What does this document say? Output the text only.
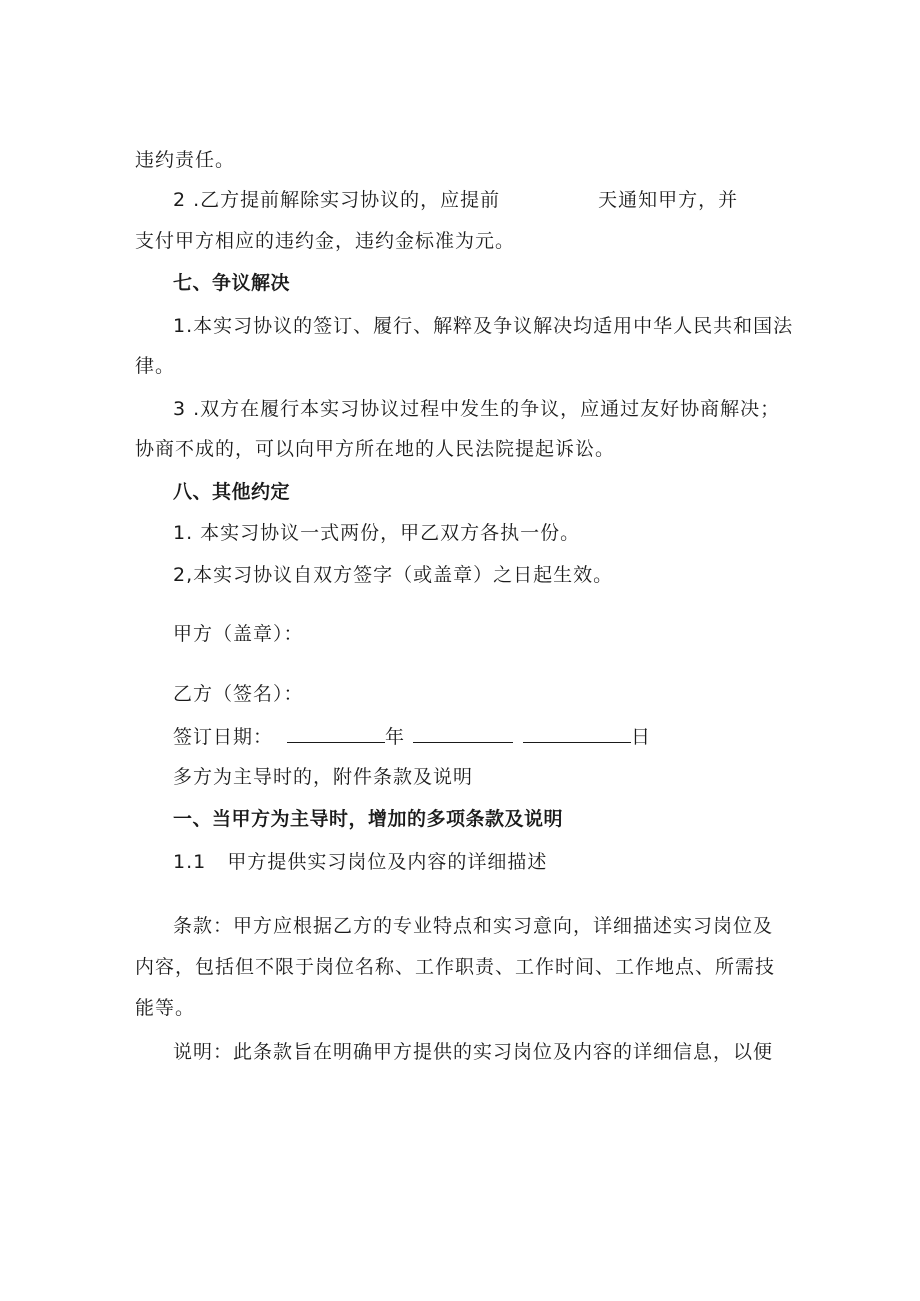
违约责任。
2 .乙方提前解除实习协议的，应提前	天通知甲方，并
支付甲方相应的违约金，违约金标准为元。
七、争议解决
1.本实习协议的签订、履行、解粹及争议解决均适用中华人民共和国法
律。
3 .双方在履行本实习协议过程中发生的争议，应通过友好协商解决；
协商不成的，可以向甲方所在地的人民法院提起诉讼。
八、其他约定
1. 本实习协议一式两份，甲乙双方各执一份。
2,本实习协议自双方签字（或盖章）之日起生效。
甲方（盖章）：
乙方（签名）：
签订日期：	年	日
多方为主导时的，附件条款及说明
一、当甲方为主导时，增加的多项条款及说明
1.1   甲方提供实习岗位及内容的详细描述
条款：甲方应根据乙方的专业特点和实习意向，详细描述实习岗位及
内容，包括但不限于岗位名称、工作职责、工作时间、工作地点、所需技
能等。
说明：此条款旨在明确甲方提供的实习岗位及内容的详细信息，以便
